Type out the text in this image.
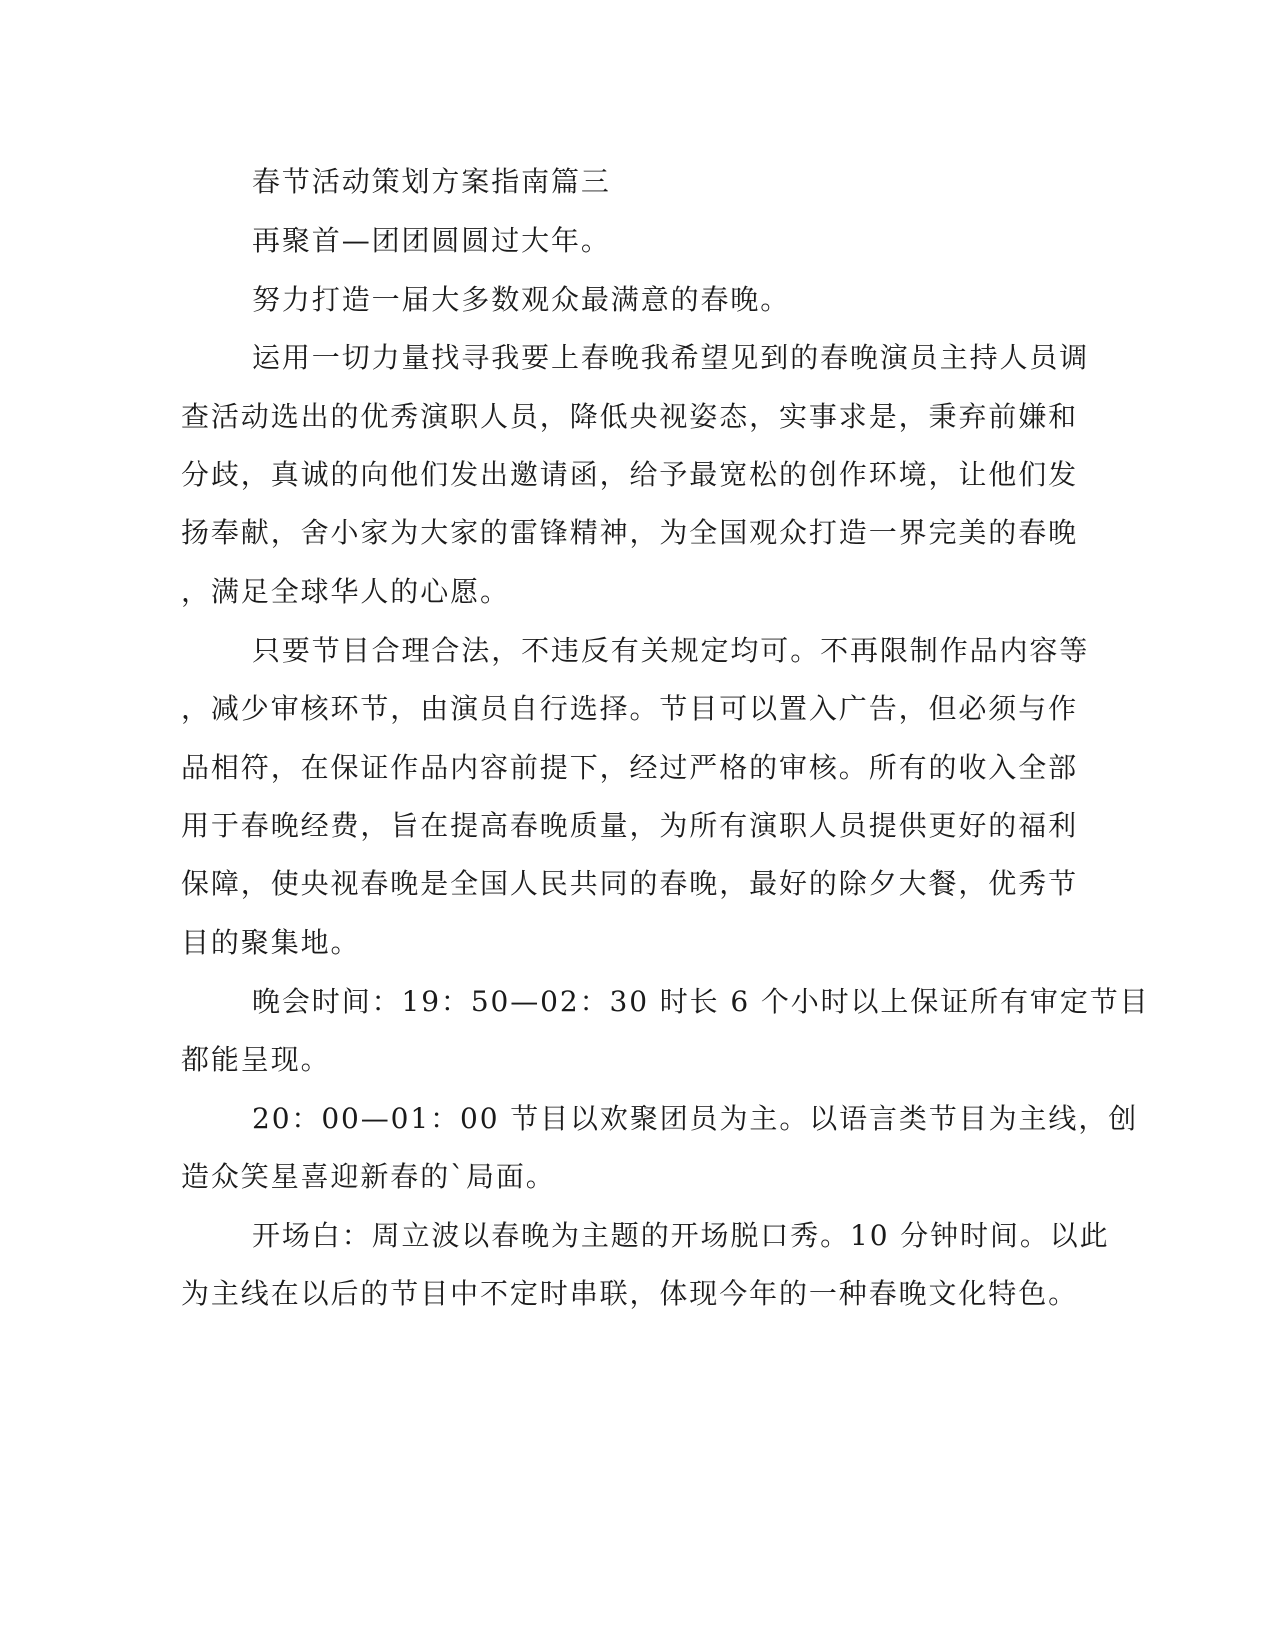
春节活动策划方案指南篇三
再聚首—团团圆圆过大年。
努力打造一届大多数观众最满意的春晚。
运用一切力量找寻我要上春晚我希望见到的春晚演员主持人员调
查活动选出的优秀演职人员，降低央视姿态，实事求是，秉弃前嫌和
分歧，真诚的向他们发出邀请函，给予最宽松的创作环境，让他们发
扬奉献，舍小家为大家的雷锋精神，为全国观众打造一界完美的春晚
，满足全球华人的心愿。
只要节目合理合法，不违反有关规定均可。不再限制作品内容等
，减少审核环节，由演员自行选择。节目可以置入广告，但必须与作
品相符，在保证作品内容前提下，经过严格的审核。所有的收入全部
用于春晚经费，旨在提高春晚质量，为所有演职人员提供更好的福利
保障，使央视春晚是全国人民共同的春晚，最好的除夕大餐，优秀节
目的聚集地。
晚会时间：19：50—02：30 时长 6 个小时以上保证所有审定节目
都能呈现。
20：00—01：00 节目以欢聚团员为主。以语言类节目为主线，创
造众笑星喜迎新春的`局面。
开场白：周立波以春晚为主题的开场脱口秀。10 分钟时间。以此
为主线在以后的节目中不定时串联，体现今年的一种春晚文化特色。
